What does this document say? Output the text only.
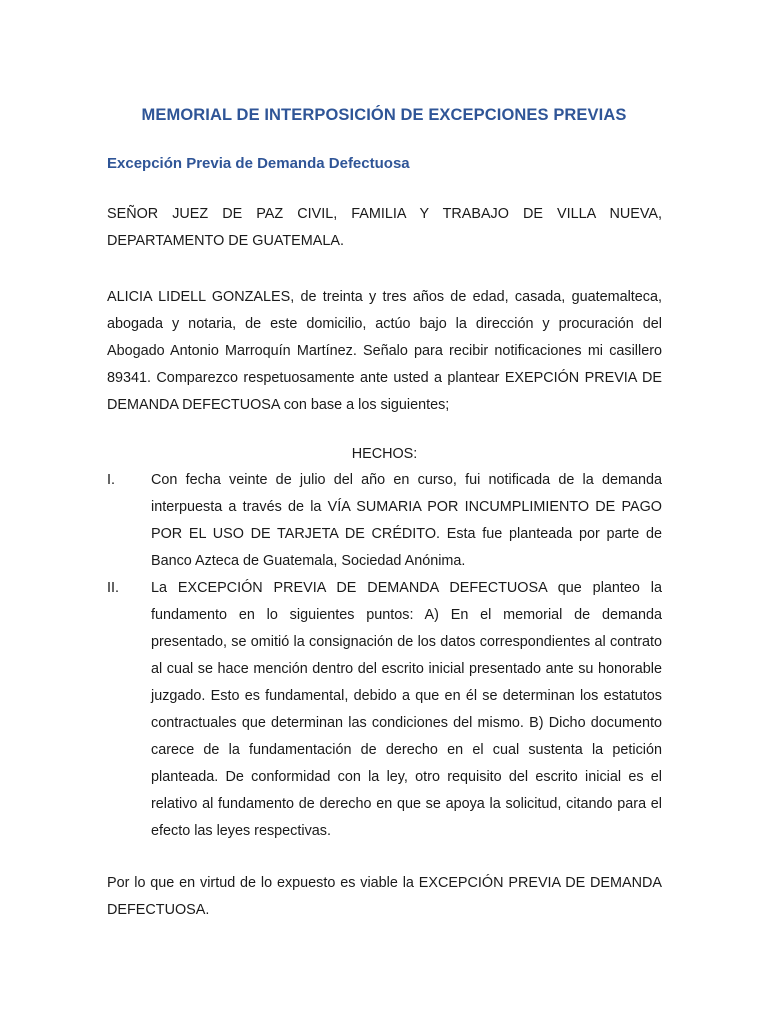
MEMORIAL DE INTERPOSICIÓN DE EXCEPCIONES PREVIAS
Excepción Previa de Demanda Defectuosa

SEÑOR JUEZ DE PAZ CIVIL, FAMILIA Y TRABAJO DE VILLA NUEVA, DEPARTAMENTO DE GUATEMALA.

ALICIA LIDELL GONZALES, de treinta y tres años de edad, casada, guatemalteca, abogada y notaria, de este domicilio, actúo bajo la dirección y procuración del Abogado Antonio Marroquín Martínez. Señalo para recibir notificaciones mi casillero 89341. Comparezco respetuosamente ante usted a plantear EXEPCIÓN PREVIA DE DEMANDA DEFECTUOSA con base a los siguientes;

HECHOS:

I.	Con fecha veinte de julio del año en curso, fui notificada de la demanda interpuesta a través de la VÍA SUMARIA POR INCUMPLIMIENTO DE PAGO POR EL USO DE TARJETA DE CRÉDITO. Esta fue planteada por parte de Banco Azteca de Guatemala, Sociedad Anónima.

II.	La EXCEPCIÓN PREVIA DE DEMANDA DEFECTUOSA que planteo la fundamento en lo siguientes puntos: A) En el memorial de demanda presentado, se omitió la consignación de los datos correspondientes al contrato al cual se hace mención dentro del escrito inicial presentado ante su honorable juzgado. Esto es fundamental, debido a que en él se determinan los estatutos contractuales que determinan las condiciones del mismo. B) Dicho documento carece de la fundamentación de derecho en el cual sustenta la petición planteada. De conformidad con la ley, otro requisito del escrito inicial es el relativo al fundamento de derecho en que se apoya la solicitud, citando para el efecto las leyes respectivas.

Por lo que en virtud de lo expuesto es viable la EXCEPCIÓN PREVIA DE DEMANDA DEFECTUOSA.
